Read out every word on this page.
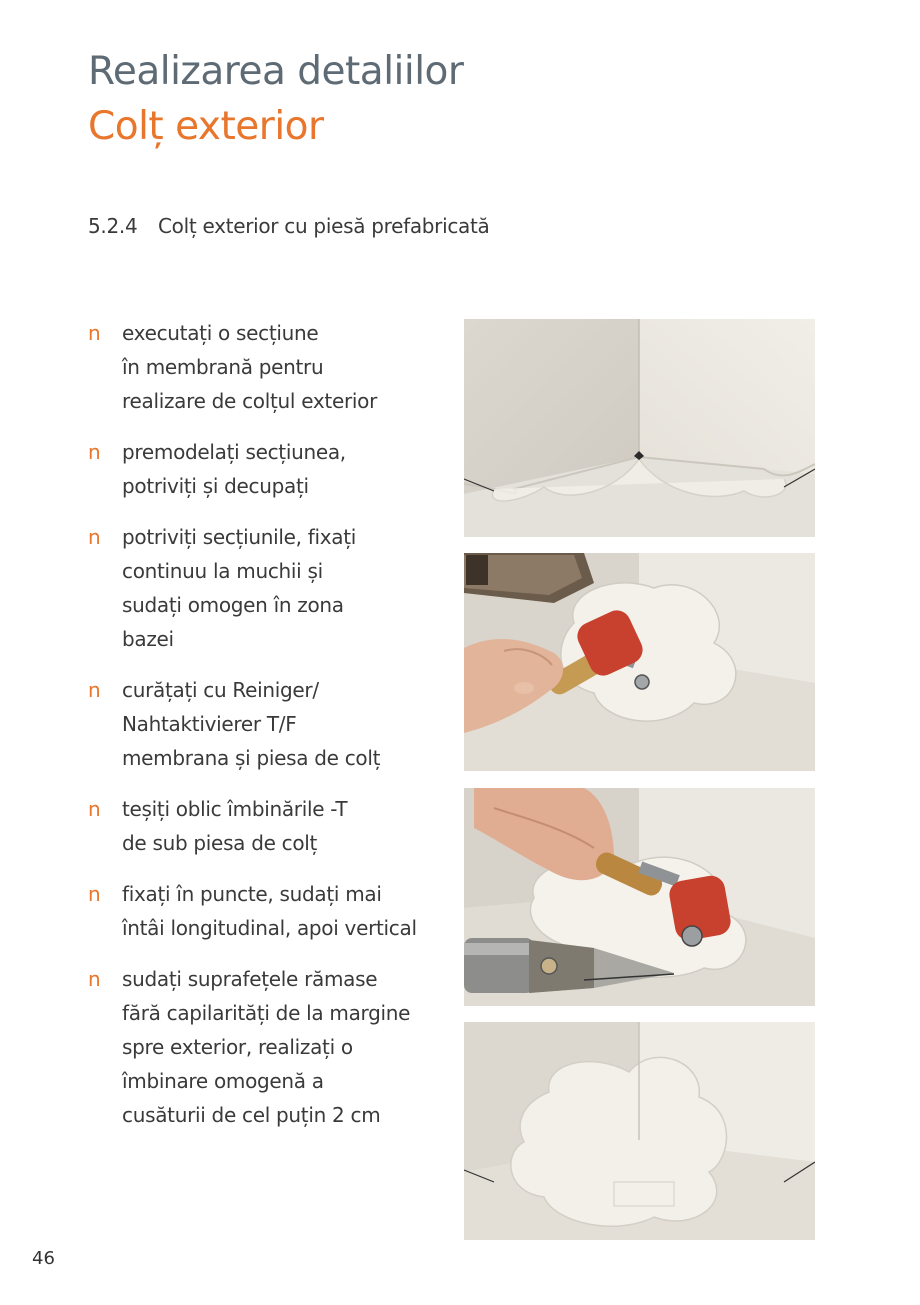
Realizarea detaliilor
Colț exterior
5.2.4 Colț exterior cu piesă prefabricată
n executați o secțiune
în membrană pentru
realizare de colțul exterior
n premodelați secțiunea,
potriviți și decupați
n potriviți secțiunile, fixați
continuu la muchii și
sudați omogen în zona
bazei
n curățați cu Reiniger/
Nahtaktivierer T/F
membrana și piesa de colț
n teșiți oblic îmbinările -T
de sub piesa de colț
n fixați în puncte, sudați mai
întâi longitudinal, apoi vertical
n sudați suprafețele rămase
fără capilarități de la margine
spre exterior, realizați o
îmbinare omogenă a
cusăturii de cel puțin 2 cm
46
